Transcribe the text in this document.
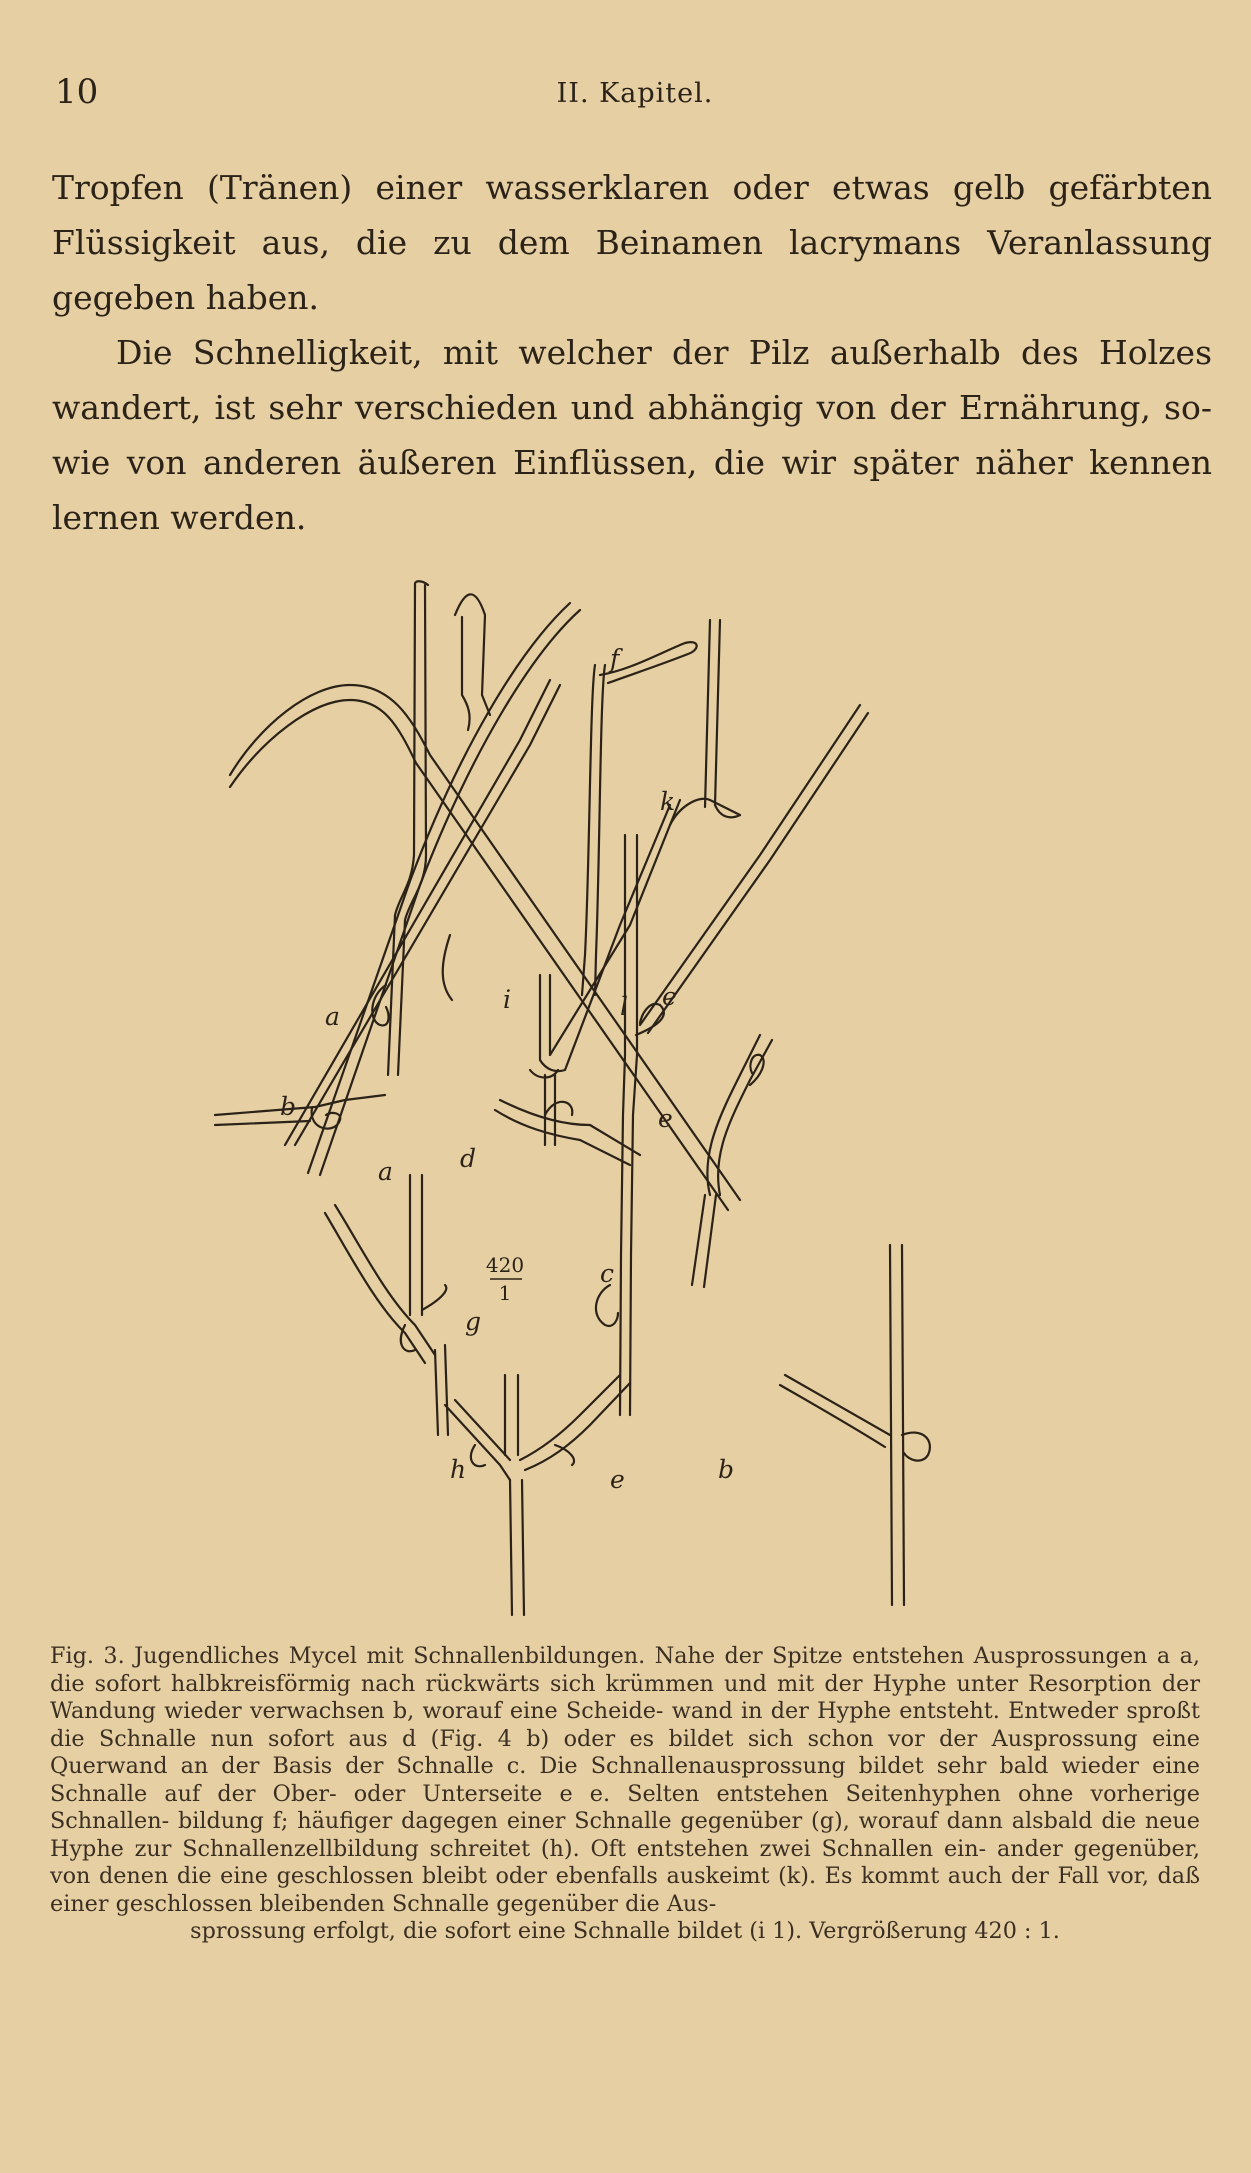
10	II. Kapitel.

Tropfen (Tränen) einer wasserklaren oder etwas gelb gefärbten Flüssigkeit aus, die zu dem Beinamen lacrymans Veranlassung gegeben haben.

Die Schnelligkeit, mit welcher der Pilz außerhalb des Holzes wandert, ist sehr verschieden und abhängig von der Ernährung, so- wie von anderen äußeren Einflüssen, die wir später näher kennen lernen werden.

a
b
a
f
k
e
e
i	l
d
c
g
e
h	b
420
1
Fig. 3. Jugendliches Mycel mit Schnallenbildungen. Nahe der Spitze entstehen Ausprossungen a a, die sofort halbkreisförmig nach rückwärts sich krümmen und mit der Hyphe unter Resorption der Wandung wieder verwachsen b, worauf eine Scheide- wand in der Hyphe entsteht. Entweder sproßt die Schnalle nun sofort aus d (Fig. 4 b) oder es bildet sich schon vor der Ausprossung eine Querwand an der Basis der Schnalle c. Die Schnallenausprossung bildet sehr bald wieder eine Schnalle auf der Ober- oder Unterseite e e. Selten entstehen Seitenhyphen ohne vorherige Schnallen- bildung f; häufiger dagegen einer Schnalle gegenüber (g), worauf dann alsbald die neue Hyphe zur Schnallenzellbildung schreitet (h). Oft entstehen zwei Schnallen ein- ander gegenüber, von denen die eine geschlossen bleibt oder ebenfalls auskeimt (k). Es kommt auch der Fall vor, daß einer geschlossen bleibenden Schnalle gegenüber die Aus-
sprossung erfolgt, die sofort eine Schnalle bildet (i 1). Vergrößerung 420 : 1.
